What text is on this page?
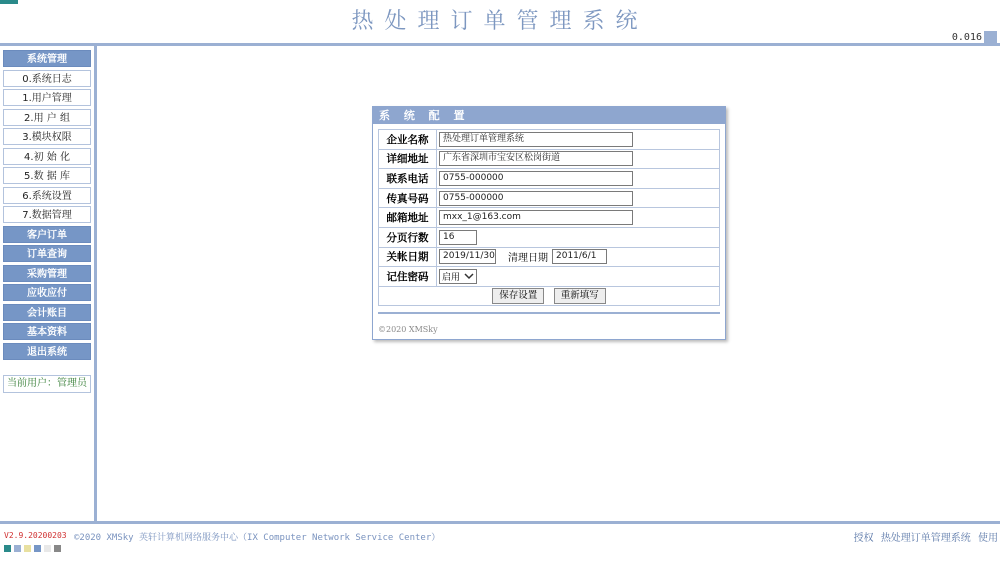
热处理订单管理系统
0.016
系统管理
0.系统日志
1.用户管理
2.用 户 组
3.模块权限
4.初 始 化
5.数 据 库
6.系统设置
7.数据管理
客户订单
订单查询
采购管理
应收应付
会计账目
基本资料
退出系统
当前用户：管理员
系 统 配 置
企业名称	热处理订单管理系统

详细地址	广东省深圳市宝安区松岗街道

联系电话	0755-000000

传真号码	0755-000000

邮箱地址	mxx_1@163.com

分页行数	16

关帐日期	2019/11/30 清理日期 2011/6/1

记住密码	启用

保存设置 重新填写	
©2020 XMSky
V2.9.20200203 ©2020 XMSky 英轩计算机网络服务中心（IX Computer Network Service Center）	授权 热处理订单管理系统 使用
